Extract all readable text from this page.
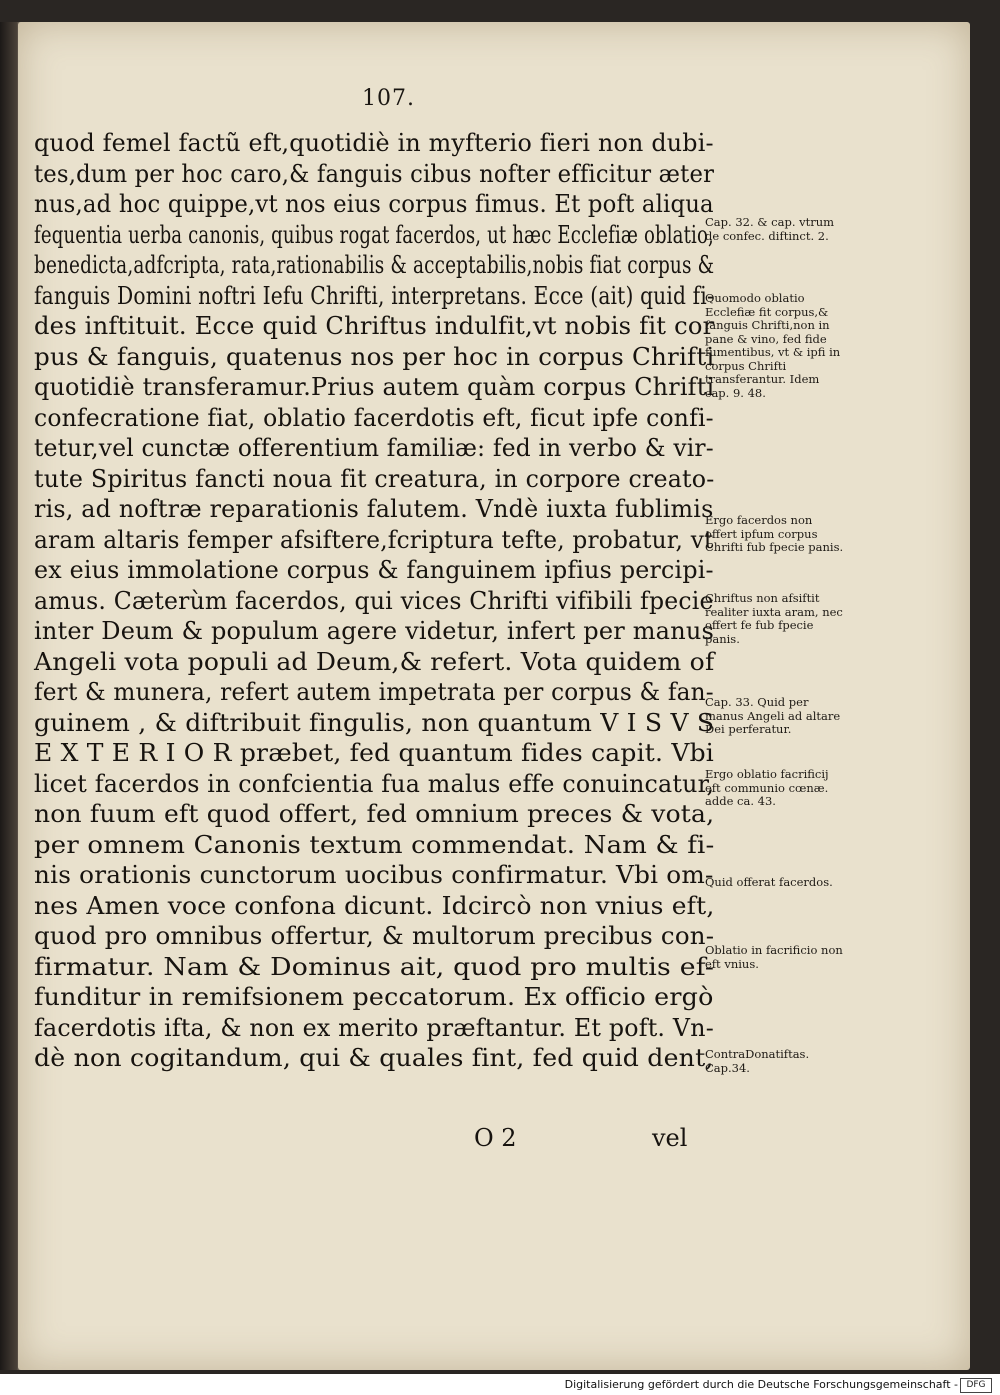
107.
quod femel factũ eft,quotidiè in myfterio fieri non dubi-
tes,dum per hoc caro,& fanguis cibus nofter efficitur æter
nus,ad hoc quippe,vt nos eius corpus fimus. Et poft aliqua
fequentia uerba canonis, quibus rogat facerdos, ut hæc Ecclefiæ oblatio,
benedicta,adfcripta, rata,rationabilis & acceptabilis,nobis fiat corpus &
fanguis Domini noftri Iefu Chrifti, interpretans. Ecce (ait) quid fi-
des inftituit. Ecce quid Chriftus indulfit,vt nobis fit cor
pus & fanguis, quatenus nos per hoc in corpus Chrifti
quotidiè transferamur.Prius autem quàm corpus Chrifti
confecratione fiat, oblatio facerdotis eft, ficut ipfe confi-
tetur,vel cunctæ offerentium familiæ: fed in verbo & vir-
tute Spiritus fancti noua fit creatura, in corpore creato-
ris, ad noftræ reparationis falutem. Vndè iuxta fublimis
aram altaris femper afsiftere,fcriptura tefte, probatur, vt
ex eius immolatione corpus & fanguinem ipfius percipi-
amus. Cæterùm facerdos, qui vices Chrifti vifibili fpecie
inter Deum & populum agere videtur, infert per manus
Angeli vota populi ad Deum,& refert. Vota quidem of
fert & munera, refert autem impetrata per corpus & fan-
guinem , & diftribuit fingulis, non quantum V I S V S
E X T E R I O R præbet, fed quantum fides capit. Vbi
licet facerdos in confcientia fua malus effe conuincatur,
non fuum eft quod offert, fed omnium preces & vota,
per omnem Canonis textum commendat. Nam & fi-
nis orationis cunctorum uocibus confirmatur. Vbi om-
nes Amen voce confona dicunt. Idcircò non vnius eft,
quod pro omnibus offertur, & multorum precibus con-
firmatur. Nam & Dominus ait, quod pro multis ef-
funditur in remifsionem peccatorum. Ex officio ergò
facerdotis ifta, & non ex merito præftantur. Et poft. Vn-
dè non cogitandum, qui & quales fint, fed quid dent,
Cap. 32. & cap. vtrum de confec. diftinct. 2.
Quomodo oblatio Ecclefiæ fit corpus,& fanguis Chrifti,non in pane & vino, fed fide fumentibus, vt & ipfi in corpus Chrifti transferantur. Idem cap. 9. 48.
Ergo facerdos non offert ipfum corpus Chrifti fub fpecie panis.
Chriftus non afsiftit realiter iuxta aram, nec offert fe fub fpecie panis.
Cap. 33. Quid per manus Angeli ad altare Dei perferatur.
Ergo oblatio facrificij eft communio cœnæ. adde ca. 43.
Quid offerat facerdos.
Oblatio in facrificio non eft vnius.
ContraDonatiftas. Cap.34.
O 2	vel
Digitalisierung gefördert durch die Deutsche Forschungsgemeinschaft - DFG
